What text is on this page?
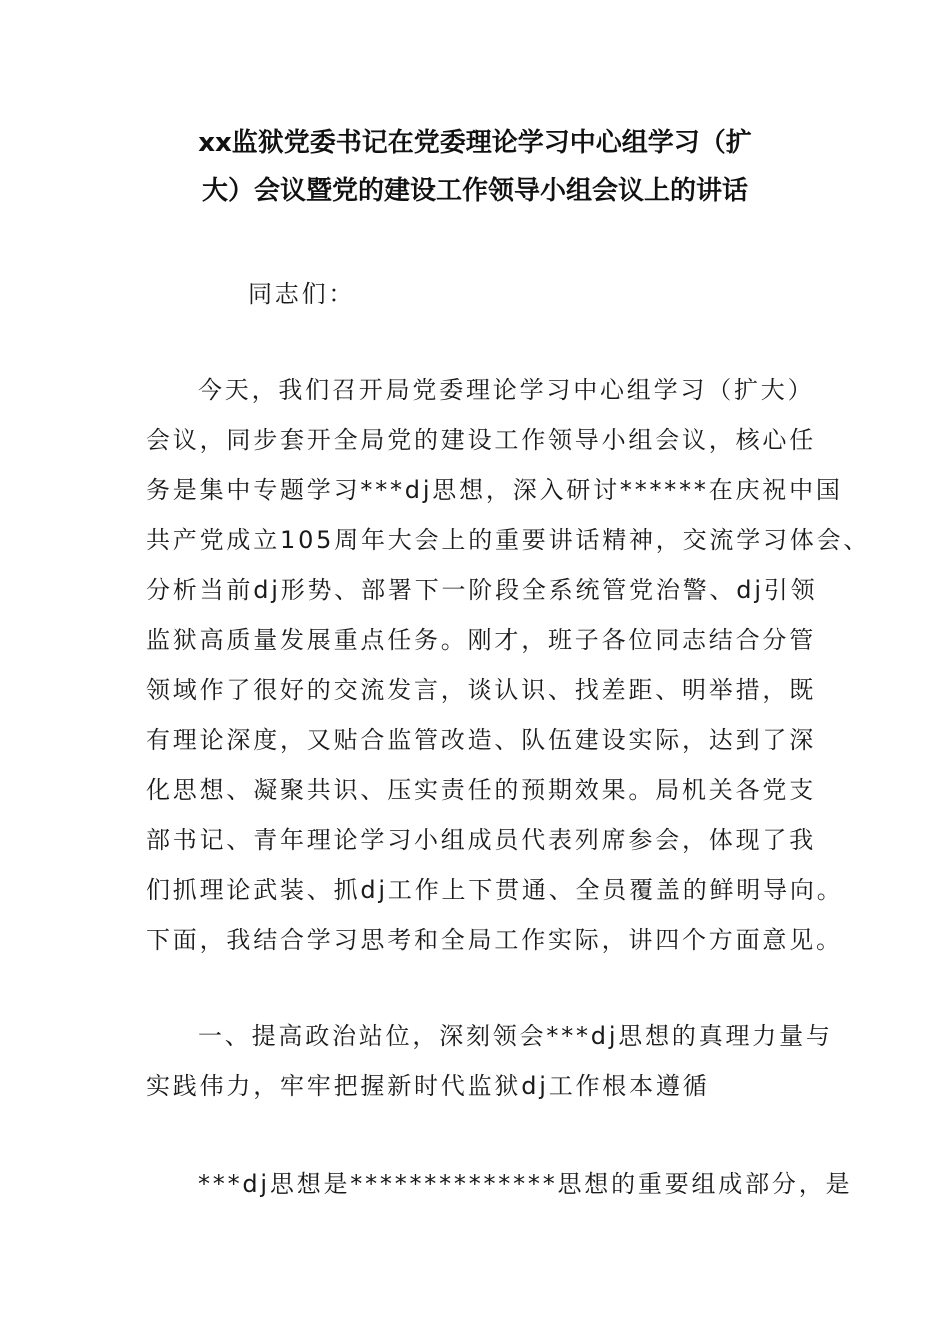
xx监狱党委书记在党委理论学习中心组学习（扩
大）会议暨党的建设工作领导小组会议上的讲话
同志们：
今天，我们召开局党委理论学习中心组学习（扩大）
会议，同步套开全局党的建设工作领导小组会议，核心任
务是集中专题学习***dj思想，深入研讨******在庆祝中国
共产党成立105周年大会上的重要讲话精神，交流学习体会、
分析当前dj形势、部署下一阶段全系统管党治警、dj引领
监狱高质量发展重点任务。刚才，班子各位同志结合分管
领域作了很好的交流发言，谈认识、找差距、明举措，既
有理论深度，又贴合监管改造、队伍建设实际，达到了深
化思想、凝聚共识、压实责任的预期效果。局机关各党支
部书记、青年理论学习小组成员代表列席参会，体现了我
们抓理论武装、抓dj工作上下贯通、全员覆盖的鲜明导向。
下面，我结合学习思考和全局工作实际，讲四个方面意见。
一、提高政治站位，深刻领会***dj思想的真理力量与
实践伟力，牢牢把握新时代监狱dj工作根本遵循
***dj思想是**************思想的重要组成部分，是
